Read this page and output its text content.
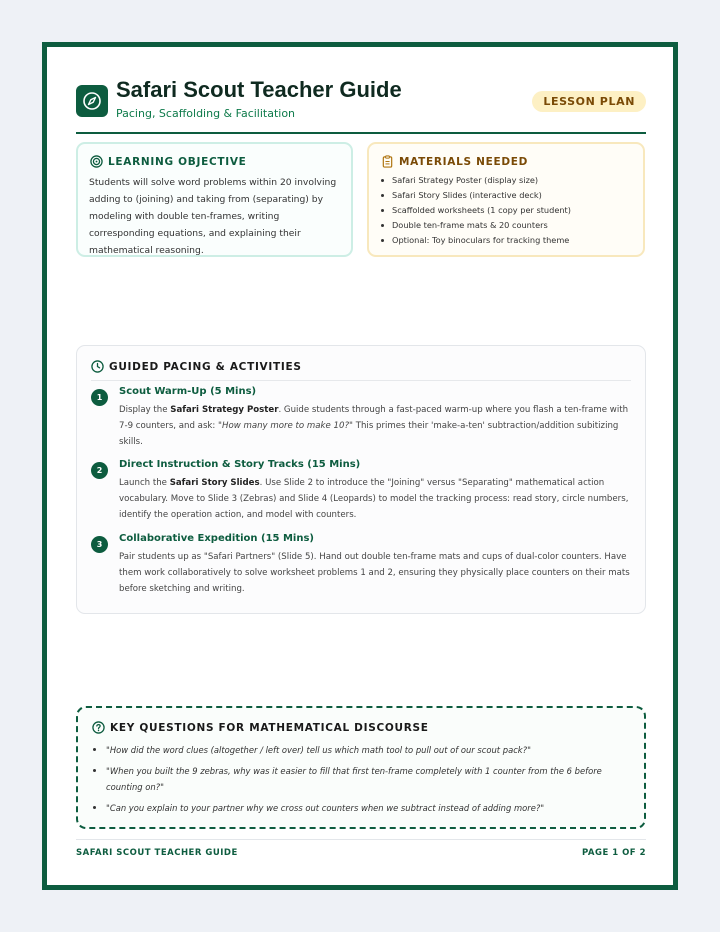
Safari Scout Teacher Guide
Pacing, Scaffolding & Facilitation
LESSON PLAN
LEARNING OBJECTIVE
Students will solve word problems within 20 involving adding to (joining) and taking from (separating) by modeling with double ten-frames, writing corresponding equations, and explaining their mathematical reasoning.
MATERIALS NEEDED
Safari Strategy Poster (display size)
Safari Story Slides (interactive deck)
Scaffolded worksheets (1 copy per student)
Double ten-frame mats & 20 counters
Optional: Toy binoculars for tracking theme
GUIDED PACING & ACTIVITIES
1
Scout Warm-Up (5 Mins)
Display the Safari Strategy Poster. Guide students through a fast-paced warm-up where you flash a ten-frame with 7-9 counters, and ask: "How many more to make 10?" This primes their 'make-a-ten' subtraction/addition subitizing skills.
2
Direct Instruction & Story Tracks (15 Mins)
Launch the Safari Story Slides. Use Slide 2 to introduce the "Joining" versus "Separating" mathematical action vocabulary. Move to Slide 3 (Zebras) and Slide 4 (Leopards) to model the tracking process: read story, circle numbers, identify the operation action, and model with counters.
3
Collaborative Expedition (15 Mins)
Pair students up as "Safari Partners" (Slide 5). Hand out double ten-frame mats and cups of dual-color counters. Have them work collaboratively to solve worksheet problems 1 and 2, ensuring they physically place counters on their mats before sketching and writing.
KEY QUESTIONS FOR MATHEMATICAL DISCOURSE
"How did the word clues (altogether / left over) tell us which math tool to pull out of our scout pack?"
"When you built the 9 zebras, why was it easier to fill that first ten-frame completely with 1 counter from the 6 before counting on?"
"Can you explain to your partner why we cross out counters when we subtract instead of adding more?"
SAFARI SCOUT TEACHER GUIDE	PAGE 1 OF 2
